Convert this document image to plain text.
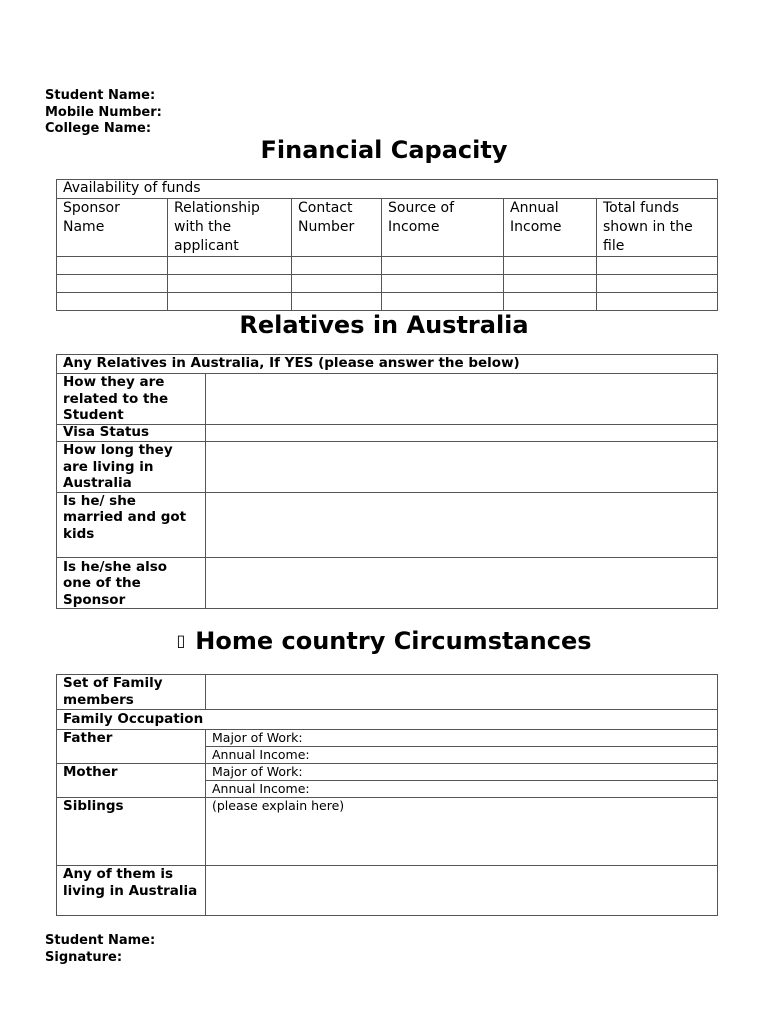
Student Name:
Mobile Number:
College Name:
Financial Capacity
Availability of funds					
Sponsor Name	Relationship with the applicant	Contact Number	Source of Income	Annual Income	Total funds shown in the file

Relatives in Australia
Any Relatives in Australia, If YES (please answer the below)	
How they are related to the Student	
Visa Status	
How long they are living in Australia	
Is he/ she married and got kids	
Is he/she also one of the Sponsor	
▯ Home country Circumstances
Set of Family members	
Family Occupation	
Father	Major of Work:
	Annual Income:
Mother	Major of Work:
	Annual Income:
Siblings	(please explain here)
Any of them is living in Australia	
Student Name:
Signature:
